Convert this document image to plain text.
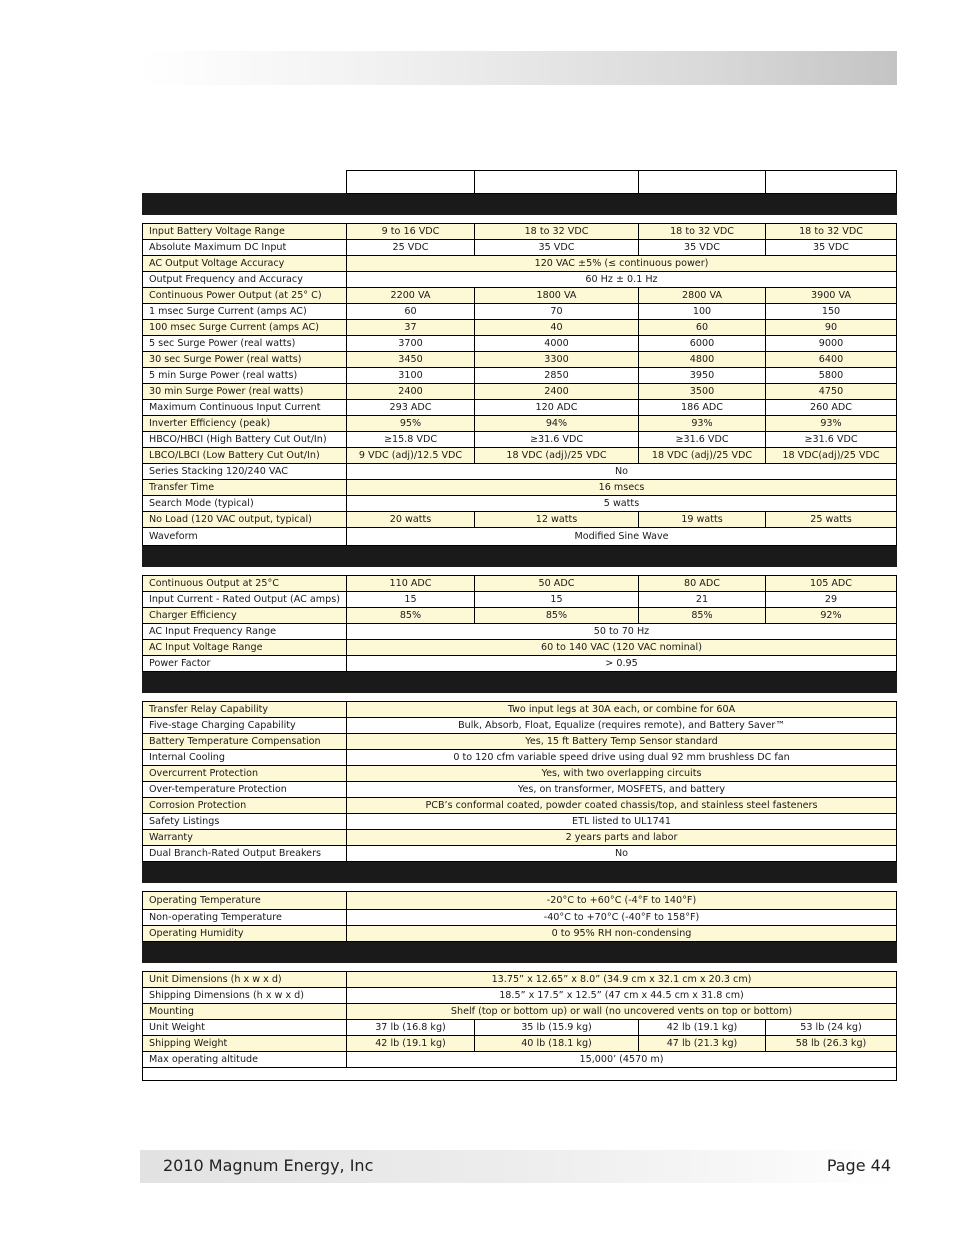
Input Battery Voltage Range	9 to 16 VDC	18 to 32 VDC	18 to 32 VDC	18 to 32 VDC
Absolute Maximum DC Input	25 VDC	35 VDC	35 VDC	35 VDC
AC Output Voltage Accuracy	120 VAC ±5% (≤ continuous power)			
Output Frequency and Accuracy	60 Hz ± 0.1 Hz			
Continuous Power Output (at 25° C)	2200 VA	1800 VA	2800 VA	3900 VA
1 msec Surge Current (amps AC)	60	70	100	150
100 msec Surge Current (amps AC)	37	40	60	90
5 sec Surge Power (real watts)	3700	4000	6000	9000
30 sec Surge Power (real watts)	3450	3300	4800	6400
5 min Surge Power (real watts)	3100	2850	3950	5800
30 min Surge Power (real watts)	2400	2400	3500	4750
Maximum Continuous Input Current	293 ADC	120 ADC	186 ADC	260 ADC
Inverter Efficiency (peak)	95%	94%	93%	93%
HBCO/HBCI (High Battery Cut Out/In)	≥15.8 VDC	≥31.6 VDC	≥31.6 VDC	≥31.6 VDC
LBCO/LBCI (Low Battery Cut Out/In)	9 VDC (adj)/12.5 VDC	18 VDC (adj)/25 VDC	18 VDC (adj)/25 VDC	18 VDC(adj)/25 VDC
Series Stacking 120/240 VAC	No			
Transfer Time	16 msecs			
Search Mode (typical)	5 watts			
No Load (120 VAC output, typical)	20 watts	12 watts	19 watts	25 watts
Waveform	Modified Sine Wave			

Continuous Output at 25°C	110 ADC	50 ADC	80 ADC	105 ADC
Input Current - Rated Output (AC amps)	15	15	21	29
Charger Efficiency	85%	85%	85%	92%
AC Input Frequency Range	50 to 70 Hz			
AC Input Voltage Range	60 to 140 VAC (120 VAC nominal)			
Power Factor	> 0.95			

Transfer Relay Capability	Two input legs at 30A each, or combine for 60A			
Five-stage Charging Capability	Bulk, Absorb, Float, Equalize (requires remote), and Battery Saver™			
Battery Temperature Compensation	Yes, 15 ft Battery Temp Sensor standard			
Internal Cooling	0 to 120 cfm variable speed drive using dual 92 mm brushless DC fan			
Overcurrent Protection	Yes, with two overlapping circuits			
Over-temperature Protection	Yes, on transformer, MOSFETS, and battery			
Corrosion Protection	PCB’s conformal coated, powder coated chassis/top, and stainless steel fasteners			
Safety Listings	ETL listed to UL1741			
Warranty	2 years parts and labor			
Dual Branch-Rated Output Breakers	No			

Operating Temperature	-20°C to +60°C (-4°F to 140°F)			
Non-operating Temperature	-40°C to +70°C (-40°F to 158°F)			
Operating Humidity	0 to 95% RH non-condensing			

Unit Dimensions (h x w x d)	13.75” x 12.65” x 8.0” (34.9 cm x 32.1 cm x 20.3 cm)			
Shipping Dimensions (h x w x d)	18.5” x 17.5” x 12.5” (47 cm x 44.5 cm x 31.8 cm)			
Mounting	Shelf (top or bottom up) or wall (no uncovered vents on top or bottom)			
Unit Weight	37 lb (16.8 kg)	35 lb (15.9 kg)	42 lb (19.1 kg)	53 lb (24 kg)
Shipping Weight	42 lb (19.1 kg)	40 lb (18.1 kg)	47 lb (21.3 kg)	58 lb (26.3 kg)
Max operating altitude	15,000’ (4570 m)			

2010 Magnum Energy, Inc	Page 44
